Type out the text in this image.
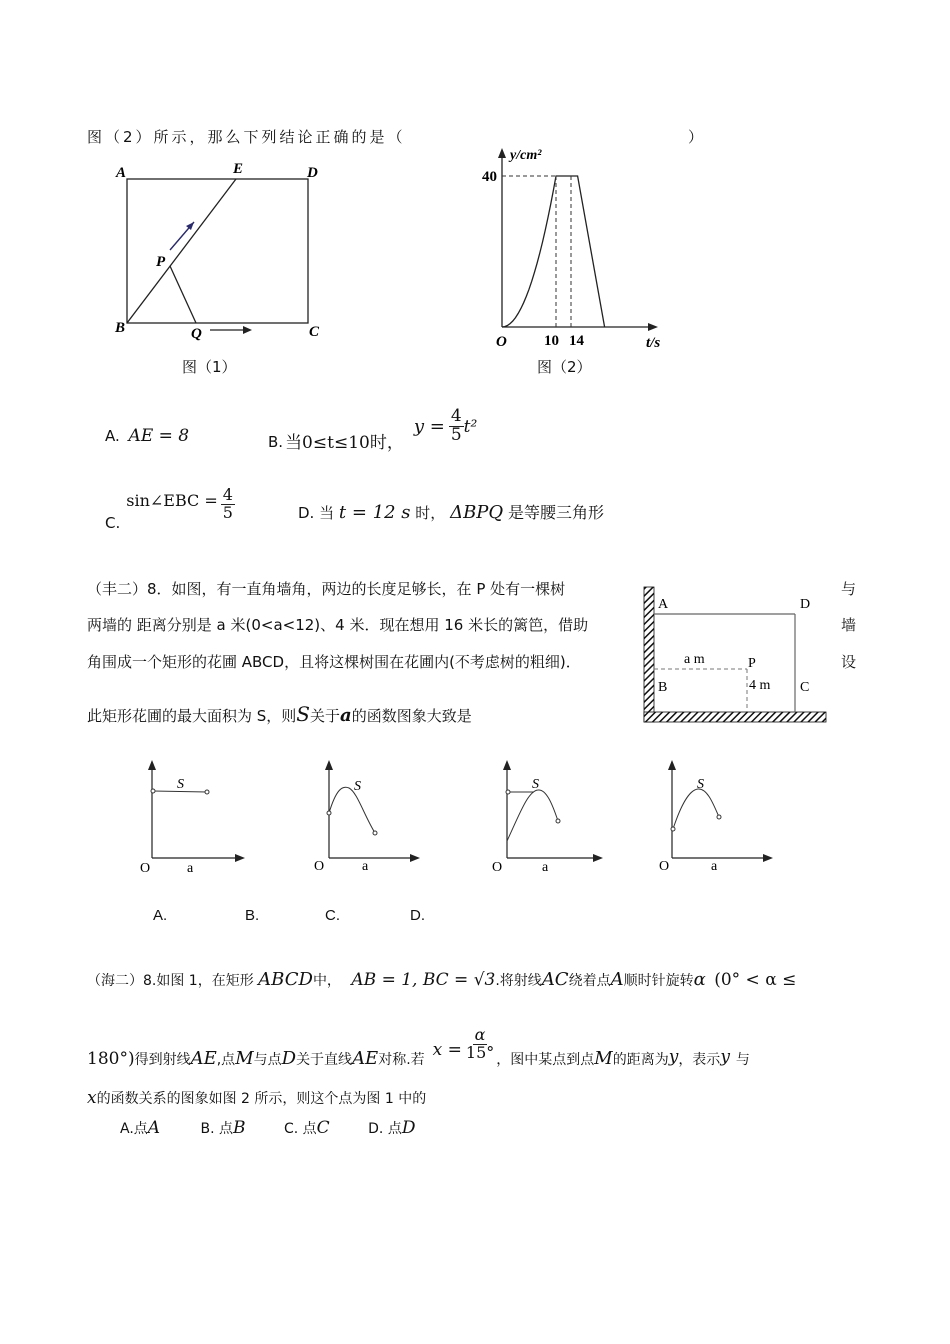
图（2）所示，那么下列结论正确的是（	）
A	E	D
B	Q	C
P
图（1）
y/cm²
40
O 10 14	t/s
图（2）
A. AE = 8	B. 当0≤t≤10时，
$y = \frac{4}{5} t^2$
C.
sin∠EBC = $\frac{4}{5}$	D. 当 t = 12 s 时， ΔBPQ 是等腰三角形
（丰二）8．如图，有一直角墙角，两边的长度足够长，在 P 处有一棵树	与
两墙的 距离分别是 a 米(0<a<12)、4 米．现在想用 16 米长的篱笆，借助	墙
角围成一个矩形的花圃 ABCD，且将这棵树围在花圃内(不考虑树的粗细)．	设
此矩形花圃的最大面积为 S，则S关于a的函数图象大致是
A	D
B	C
P
a m
4 m
S
O	a
S
O	a
S
O	a
S
O	a
A.	B.	C.	D.
（海二）8.如图 1，在矩形 ABCD中， AB = 1, BC = √3.将射线AC绕着点A顺时针旋转α (0° < α ≤
180°) 得到射线 AE ,点 M 与点 D 关于直线 AE 对称.若 $x = \frac{\alpha}{15^\circ}$ ，图中某点到点 M 的距离为 y ，表示 y 与
x的函数关系的图象如图 2 所示，则这个点为图 1 中的
A.点A	B. 点B	C. 点C	D. 点D
